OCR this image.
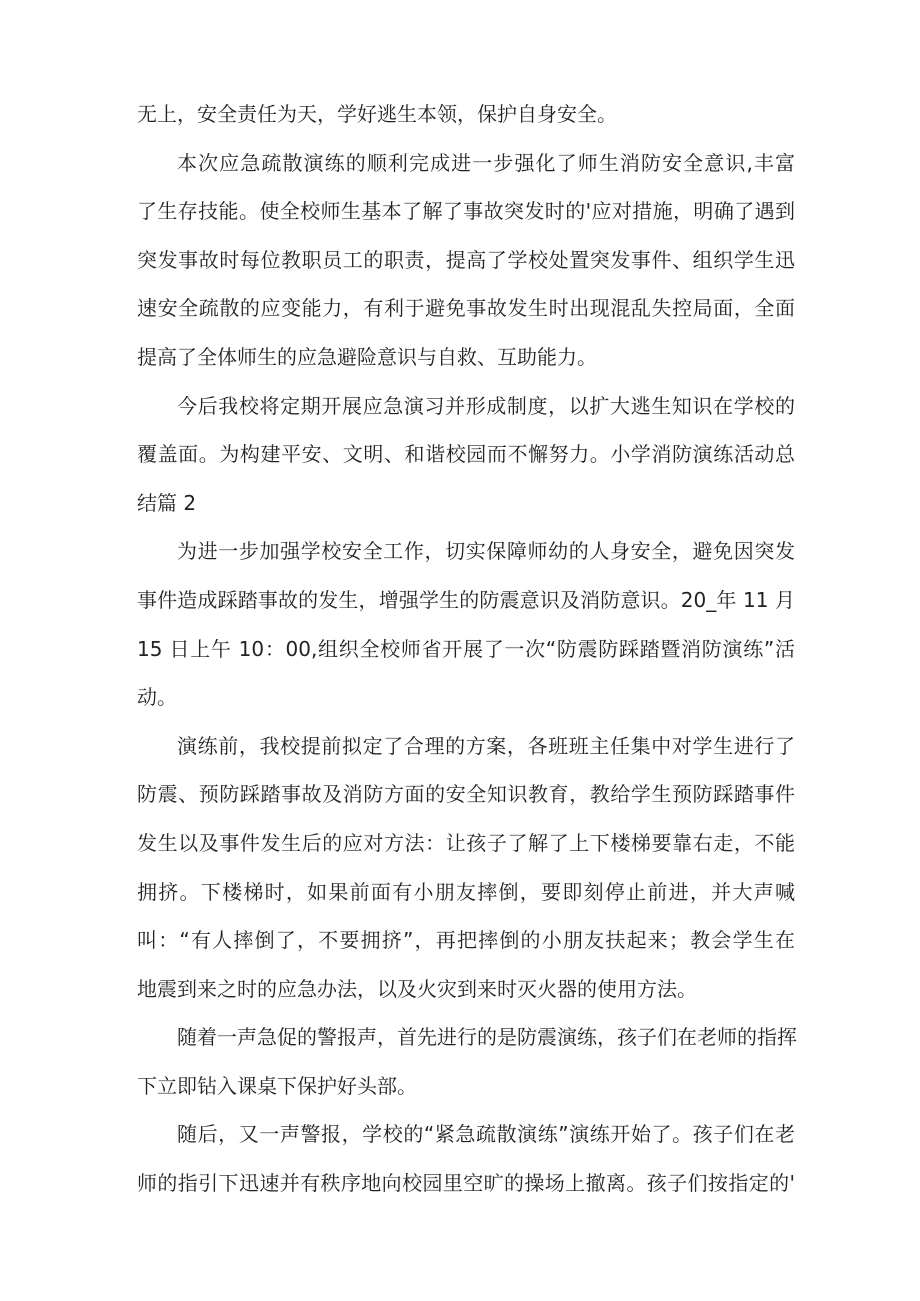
无上，安全责任为天，学好逃生本领，保护自身安全。
本次应急疏散演练的顺利完成进一步强化了师生消防安全意识,丰富
了生存技能。使全校师生基本了解了事故突发时的'应对措施，明确了遇到
突发事故时每位教职员工的职责，提高了学校处置突发事件、组织学生迅
速安全疏散的应变能力，有利于避免事故发生时出现混乱失控局面，全面
提高了全体师生的应急避险意识与自救、互助能力。
今后我校将定期开展应急演习并形成制度，以扩大逃生知识在学校的
覆盖面。为构建平安、文明、和谐校园而不懈努力。小学消防演练活动总
结篇 2
为进一步加强学校安全工作，切实保障师幼的人身安全，避免因突发
事件造成踩踏事故的发生，增强学生的防震意识及消防意识。20_年 11 月
15 日上午 10：00,组织全校师省开展了一次“防震防踩踏暨消防演练”活
动。
演练前，我校提前拟定了合理的方案，各班班主任集中对学生进行了
防震、预防踩踏事故及消防方面的安全知识教育，教给学生预防踩踏事件
发生以及事件发生后的应对方法：让孩子了解了上下楼梯要靠右走，不能
拥挤。下楼梯时，如果前面有小朋友摔倒，要即刻停止前进，并大声喊
叫：“有人摔倒了，不要拥挤”，再把摔倒的小朋友扶起来；教会学生在
地震到来之时的应急办法，以及火灾到来时灭火器的使用方法。
随着一声急促的警报声，首先进行的是防震演练，孩子们在老师的指挥
下立即钻入课桌下保护好头部。
随后，又一声警报，学校的“紧急疏散演练”演练开始了。孩子们在老
师的指引下迅速并有秩序地向校园里空旷的操场上撤离。孩子们按指定的'
